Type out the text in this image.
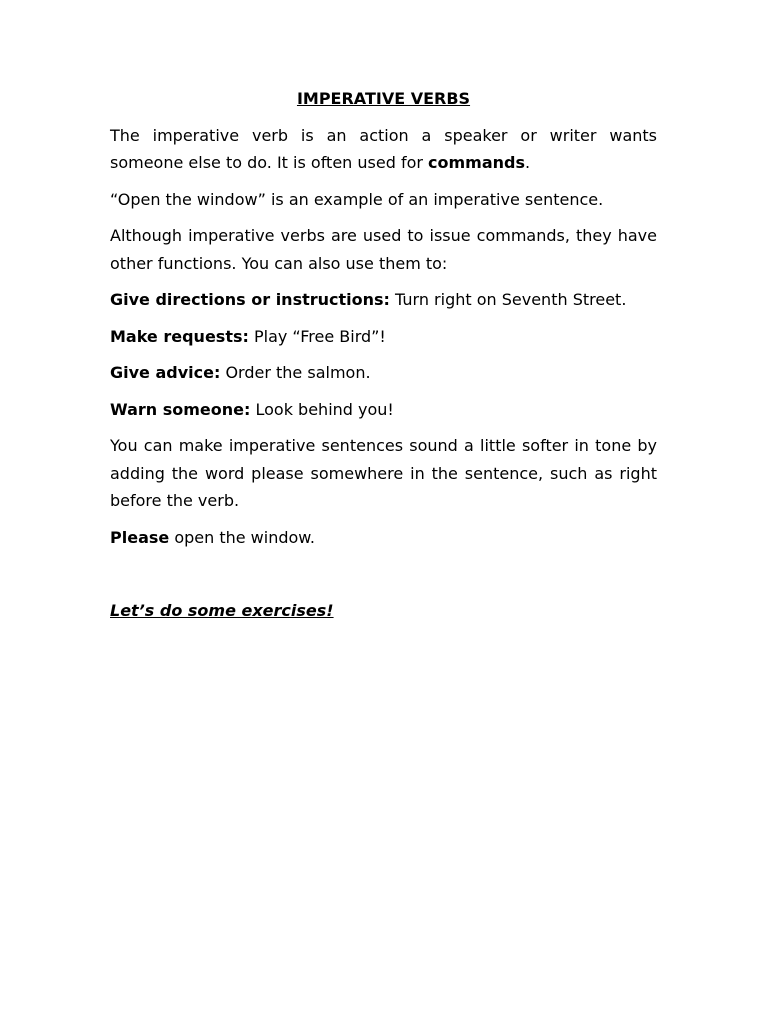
IMPERATIVE VERBS

The imperative verb is an action a speaker or writer wants someone else to do. It is often used for commands.

“Open the window” is an example of an imperative sentence.

Although imperative verbs are used to issue commands, they have other functions. You can also use them to:

Give directions or instructions: Turn right on Seventh Street.

Make requests: Play “Free Bird”!

Give advice: Order the salmon.

Warn someone: Look behind you!

You can make imperative sentences sound a little softer in tone by adding the word please somewhere in the sentence, such as right before the verb.

Please open the window.

Let’s do some exercises!
